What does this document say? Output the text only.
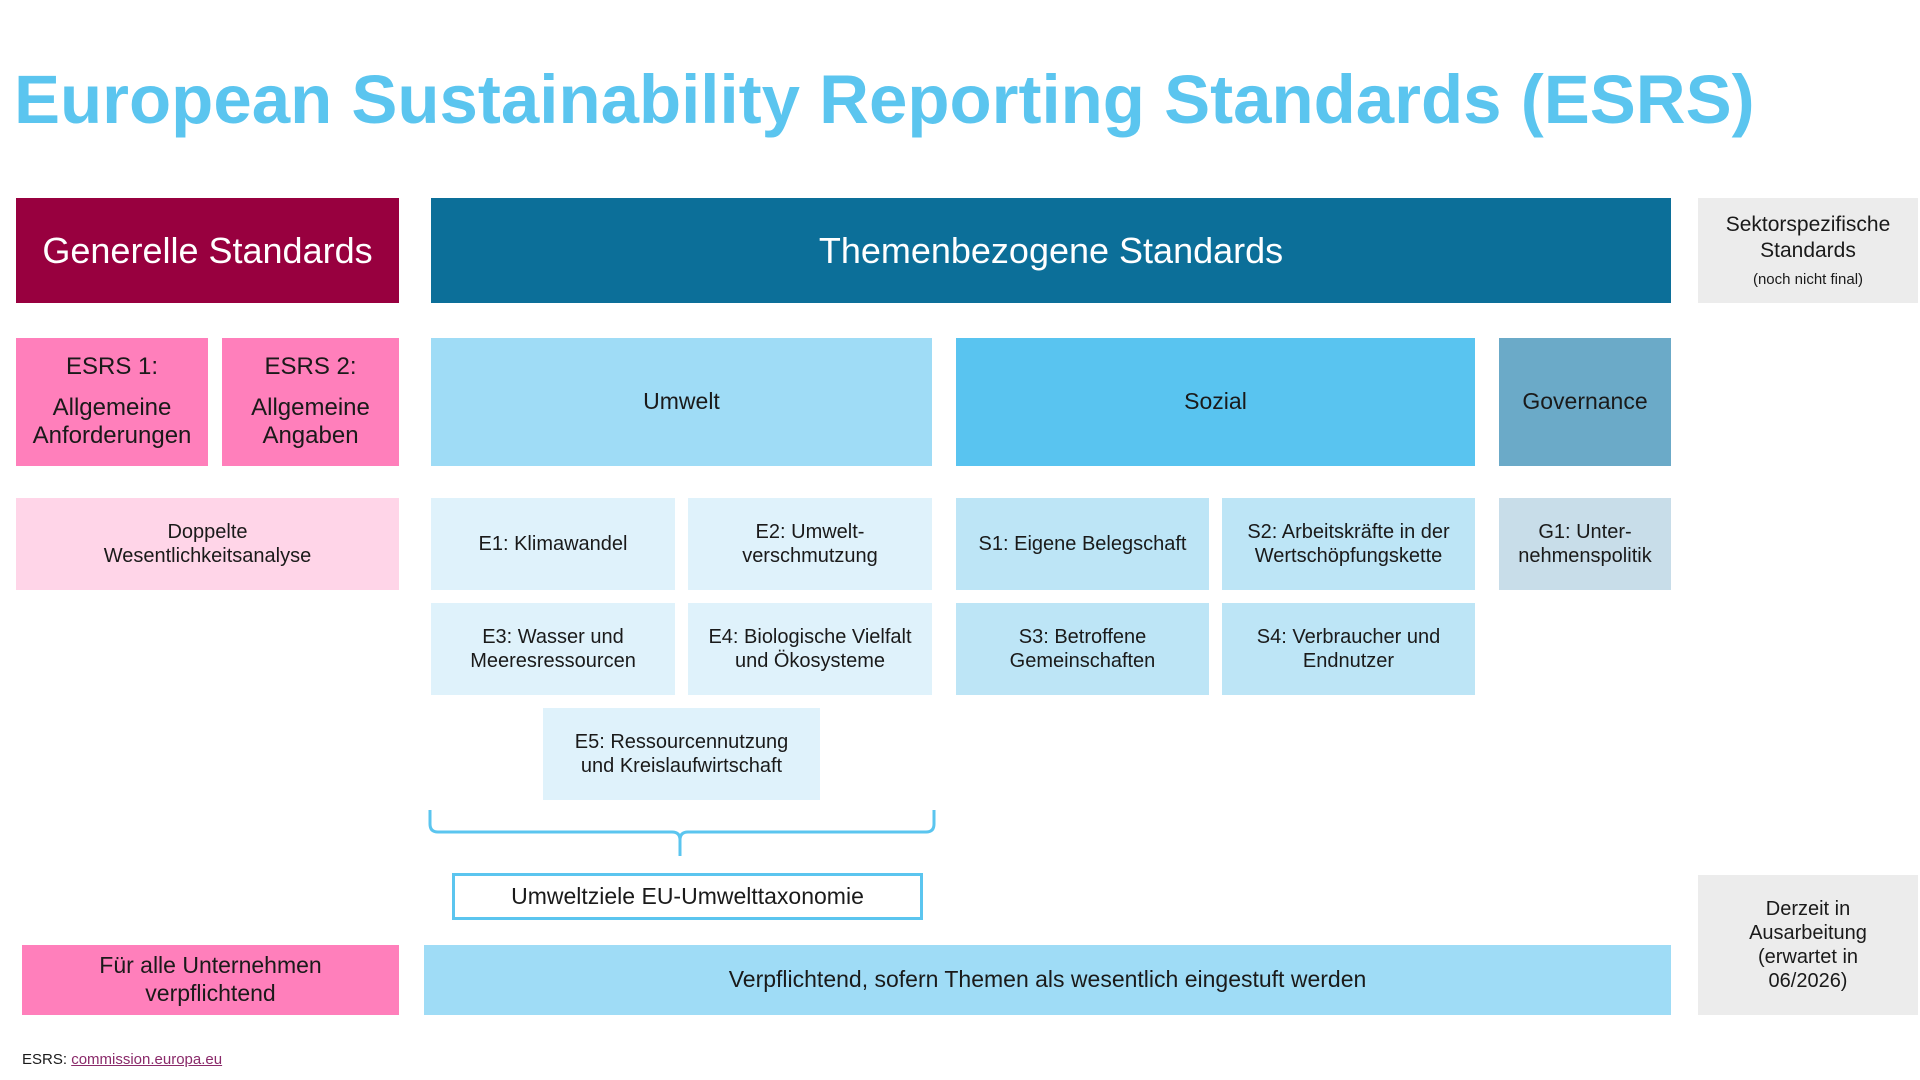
European Sustainability Reporting Standards (ESRS)
Generelle Standards	Themenbezogene Standards
Sektorspezifische
Standards
(noch nicht final)
ESRS 1:
Allgemeine
Anforderungen
ESRS 2:
Allgemeine
Angaben
Doppelte
Wesentlichkeitsanalyse
Umwelt	Sozial	Governance
E1: Klimawandel
E2: Umwelt-
verschmutzung
E3: Wasser und
Meeresressourcen
E4: Biologische Vielfalt
und Ökosysteme
E5: Ressourcennutzung
und Kreislaufwirtschaft
S1: Eigene Belegschaft
S2: Arbeitskräfte in der
Wertschöpfungskette
S3: Betroffene
Gemeinschaften
S4: Verbraucher und
Endnutzer
G1: Unter-
nehmenspolitik
Umweltziele EU-Umwelttaxonomie
Derzeit in
Ausarbeitung
(erwartet in
06/2026)
Für alle Unternehmen
verpflichtend
Verpflichtend, sofern Themen als wesentlich eingestuft werden
ESRS: commission.europa.eu
